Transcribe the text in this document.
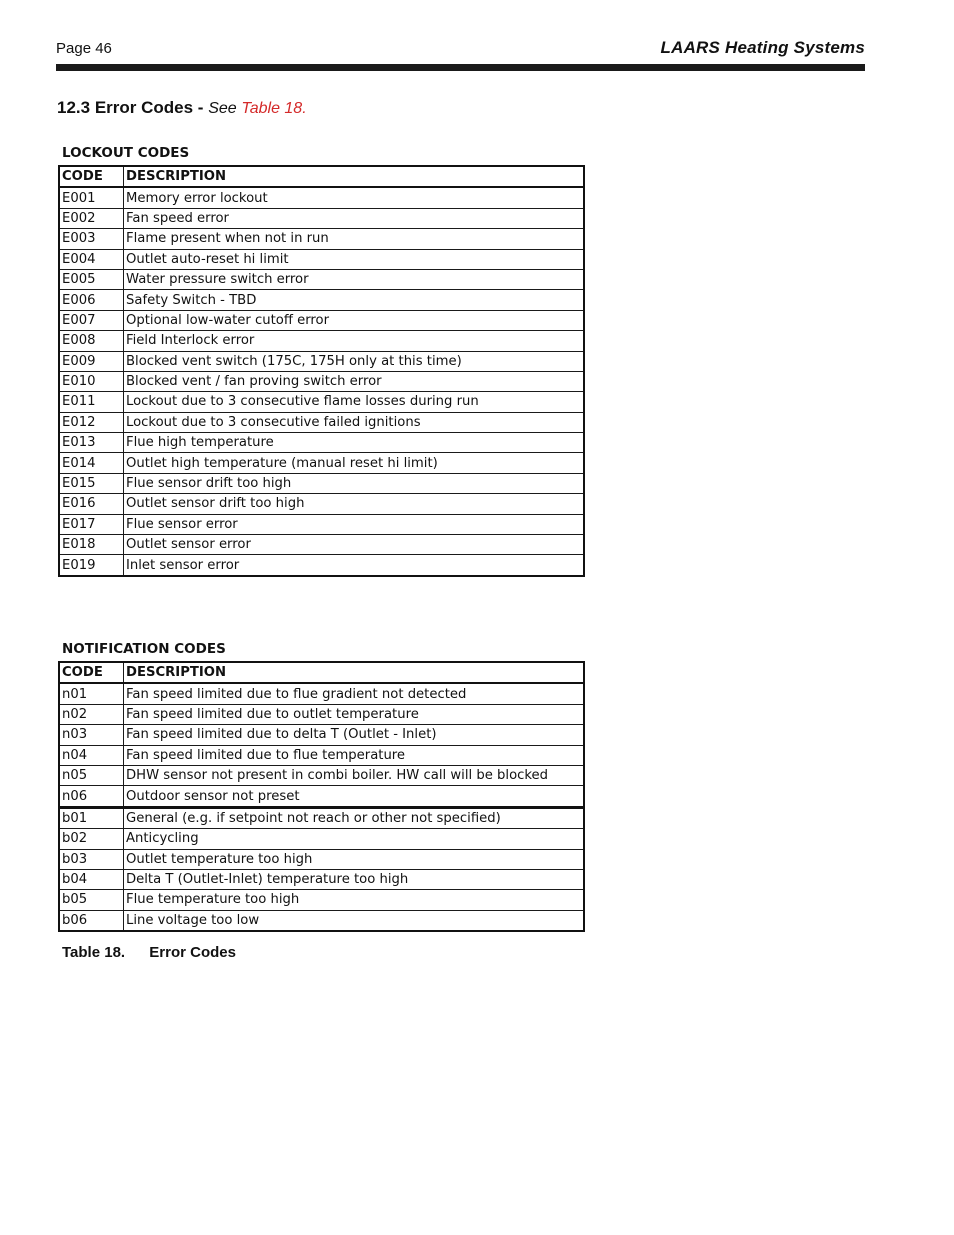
Page 46	LAARS Heating Systems
12.3 Error Codes - See Table 18.
LOCKOUT CODES
CODE	DESCRIPTION
E001	Memory error lockout
E002	Fan speed error
E003	Flame present when not in run
E004	Outlet auto-reset hi limit
E005	Water pressure switch error
E006	Safety Switch - TBD
E007	Optional low-water cutoff error
E008	Field Interlock error
E009	Blocked vent switch (175C, 175H only at this time)
E010	Blocked vent / fan proving switch error
E011	Lockout due to 3 consecutive flame losses during run
E012	Lockout due to 3 consecutive failed ignitions
E013	Flue high temperature
E014	Outlet high temperature (manual reset hi limit)
E015	Flue sensor drift too high
E016	Outlet sensor drift too high
E017	Flue sensor error
E018	Outlet sensor error
E019	Inlet sensor error
NOTIFICATION CODES
CODE	DESCRIPTION
n01	Fan speed limited due to flue gradient not detected
n02	Fan speed limited due to outlet temperature
n03	Fan speed limited due to delta T (Outlet - Inlet)
n04	Fan speed limited due to flue temperature
n05	DHW sensor not present in combi boiler. HW call will be blocked
n06	Outdoor sensor not preset
b01	General (e.g. if setpoint not reach or other not specified)
b02	Anticycling
b03	Outlet temperature too high
b04	Delta T (Outlet-Inlet) temperature too high
b05	Flue temperature too high
b06	Line voltage too low
Table 18. Error Codes
